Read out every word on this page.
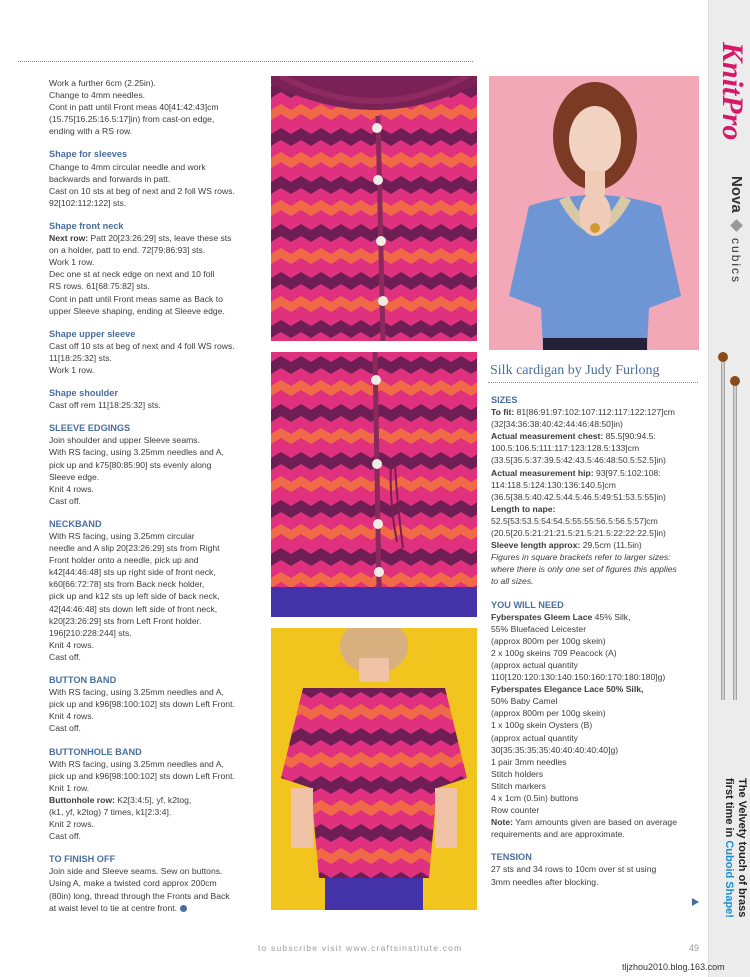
Work a further 6cm (2.25in).

Change to 4mm needles.

Cont in patt until Front meas 40[41:42:43]cm
(15.75[16.25:16.5:17]in) from cast-on edge,
ending with a RS row.

Shape for sleeves

Change to 4mm circular needle and work
backwards and forwards in patt.

Cast on 10 sts at beg of next and 2 foll WS rows.
92[102:112:122] sts.

Shape front neck

Next row: Patt 20[23:26:29] sts, leave these sts
on a holder, patt to end. 72[79:86:93] sts.

Work 1 row.

Dec one st at neck edge on next and 10 foll
RS rows. 61[68:75:82] sts.

Cont in patt until Front meas same as Back to
upper Sleeve shaping, ending at Sleeve edge.

Shape upper sleeve

Cast off 10 sts at beg of next and 4 foll WS rows.
11[18:25:32] sts.

Work 1 row.

Shape shoulder

Cast off rem 11[18:25:32] sts.

SLEEVE EDGINGS

Join shoulder and upper Sleeve seams.
With RS facing, using 3.25mm needles and A,
pick up and k75[80:85:90] sts evenly along
Sleeve edge.

Knit 4 rows.

Cast off.

NECKBAND

With RS facing, using 3.25mm circular
needle and A slip 20[23:26:29] sts from Right
Front holder onto a needle, pick up and
k42[44:46:48] sts up right side of front neck,
k60[66:72:78] sts from Back neck holder,
pick up and k12 sts up left side of back neck,
42[44:46:48] sts down left side of front neck,
k20[23:26:29] sts from Left Front holder.
196[210:228:244] sts.

Knit 4 rows.

Cast off.

BUTTON BAND

With RS facing, using 3.25mm needles and A,
pick up and k96[98:100:102] sts down Left Front.

Knit 4 rows.

Cast off.

BUTTONHOLE BAND

With RS facing, using 3.25mm needles and A,
pick up and k96[98:100:102] sts down Left Front.

Knit 1 row.

Buttonhole row: K2[3:4:5], yf, k2tog,
(k1, yf, k2tog) 7 times, k1[2:3:4].

Knit 2 rows.

Cast off.

TO FINISH OFF

Join side and Sleeve seams. Sew on buttons.
Using A, make a twisted cord approx 200cm
(80in) long, thread through the Fronts and Back
at waist level to tie at centre front.

Silk cardigan by Judy Furlong

SIZES

To fit: 81[86:91:97:102:107:112:117:122:127]cm
(32[34:36:38:40:42:44:46:48:50]in)

Actual measurement chest: 85.5[90:94.5:
100.5:106.5:111:117:123:128.5:133]cm
(33.5[35.5:37:39.5:42:43.5:46:48:50.5:52.5]in)

Actual measurement hip: 93[97.5:102:108:
114:118.5:124:130:136:140.5]cm
(36.5[38.5:40:42.5:44.5:46.5:49:51:53.5:55]in)

Length to nape:

52.5[53:53.5:54:54.5:55:55:56.5:56.5:57]cm
(20.5[20.5:21:21:21.5:21.5:21.5:22:22:22.5]in)

Sleeve length approx: 29.5cm (11.5in)

Figures in square brackets refer to larger sizes:
where there is only one set of figures this applies
to all sizes.

YOU WILL NEED

Fyberspates Gleem Lace 45% Silk,
55% Bluefaced Leicester
(approx 800m per 100g skein)
2 x 100g skeins 709 Peacock (A)
(approx actual quantity
110[120:120:130:140:150:160:170:180:180]g)

Fyberspates Elegance Lace 50% Silk,
50% Baby Camel
(approx 800m per 100g skein)
1 x 100g skein Oysters (B)
(approx actual quantity
30[35:35:35:35:40:40:40:40:40]g)
1 pair 3mm needles
Stitch holders
Stitch markers
4 x 1cm (0.5in) buttons
Row counter

Note: Yarn amounts given are based on average
requirements and are approximate.

TENSION

27 sts and 34 rows to 10cm over st st using
3mm needles after blocking.

KnitPro
Nova  cubics
The Velvety touch of brass
first time in Cuboid Shape!
to subscribe visit www.craftsinstitute.com	49
tljzhou2010.blog.163.com
